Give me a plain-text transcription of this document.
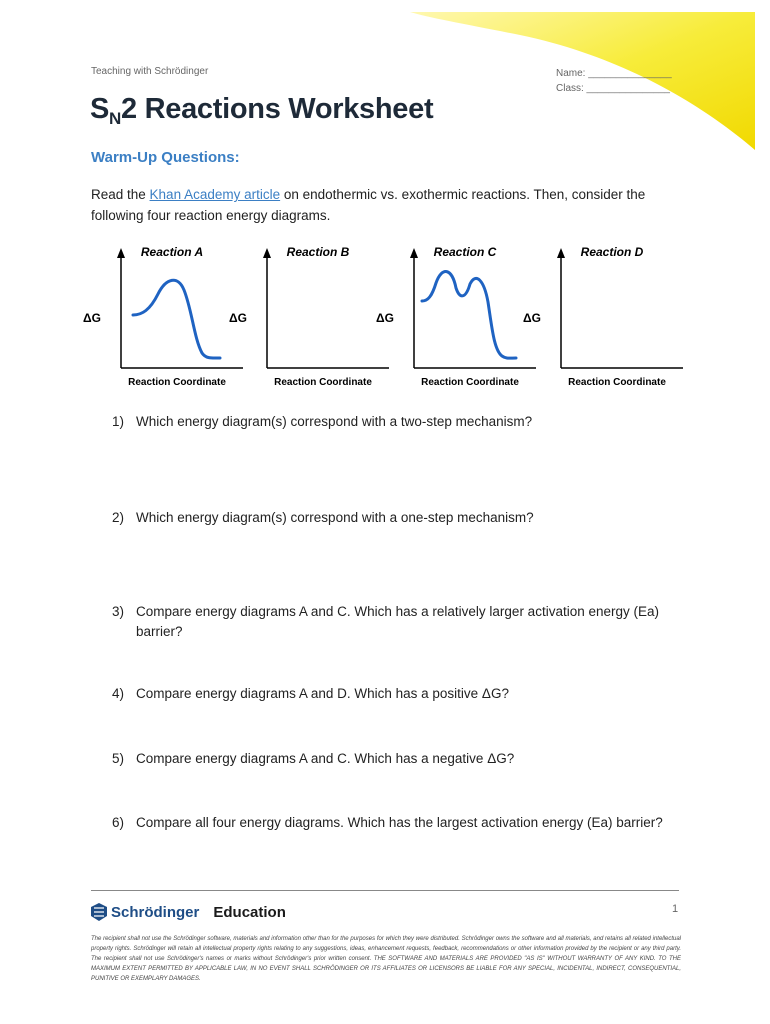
Teaching with Schrödinger	Name: _______________
Class: _______________
$S_N2$ Reactions Worksheet
Warm-Up Questions:
Read the Khan Academy article on endothermic vs. exothermic reactions. Then, consider the following four reaction energy diagrams.
Reaction A
ΔG
Reaction Coordinate
Reaction B
ΔG
Reaction Coordinate
Reaction C
ΔG
Reaction Coordinate
Reaction D
ΔG
Reaction Coordinate
1) Which energy diagram(s) correspond with a two-step mechanism?
2) Which energy diagram(s) correspond with a one-step mechanism?
3) Compare energy diagrams A and C. Which has a relatively larger activation energy (Ea) barrier?
4) Compare energy diagrams A and D. Which has a positive ΔG?
5) Compare energy diagrams A and C. Which has a negative ΔG?
6) Compare all four energy diagrams. Which has the largest activation energy (Ea) barrier?
Schrödinger Education	1
The recipient shall not use the Schrödinger software, materials and information other than for the purposes for which they were distributed. Schrödinger owns the software and all materials, and retains all related intellectual property rights. Schrödinger will retain all intellectual property rights relating to any suggestions, ideas, enhancement requests, feedback, recommendations or other information provided by the recipient or any third party. The recipient shall not use Schrödinger's names or marks without Schrödinger's prior written consent. THE SOFTWARE AND MATERIALS ARE PROVIDED "AS IS" WITHOUT WARRANTY OF ANY KIND. TO THE MAXIMUM EXTENT PERMITTED BY APPLICABLE LAW, IN NO EVENT SHALL SCHRÖDINGER OR ITS AFFILIATES OR LICENSORS BE LIABLE FOR ANY SPECIAL, INCIDENTAL, INDIRECT, CONSEQUENTIAL, PUNITIVE OR EXEMPLARY DAMAGES.
